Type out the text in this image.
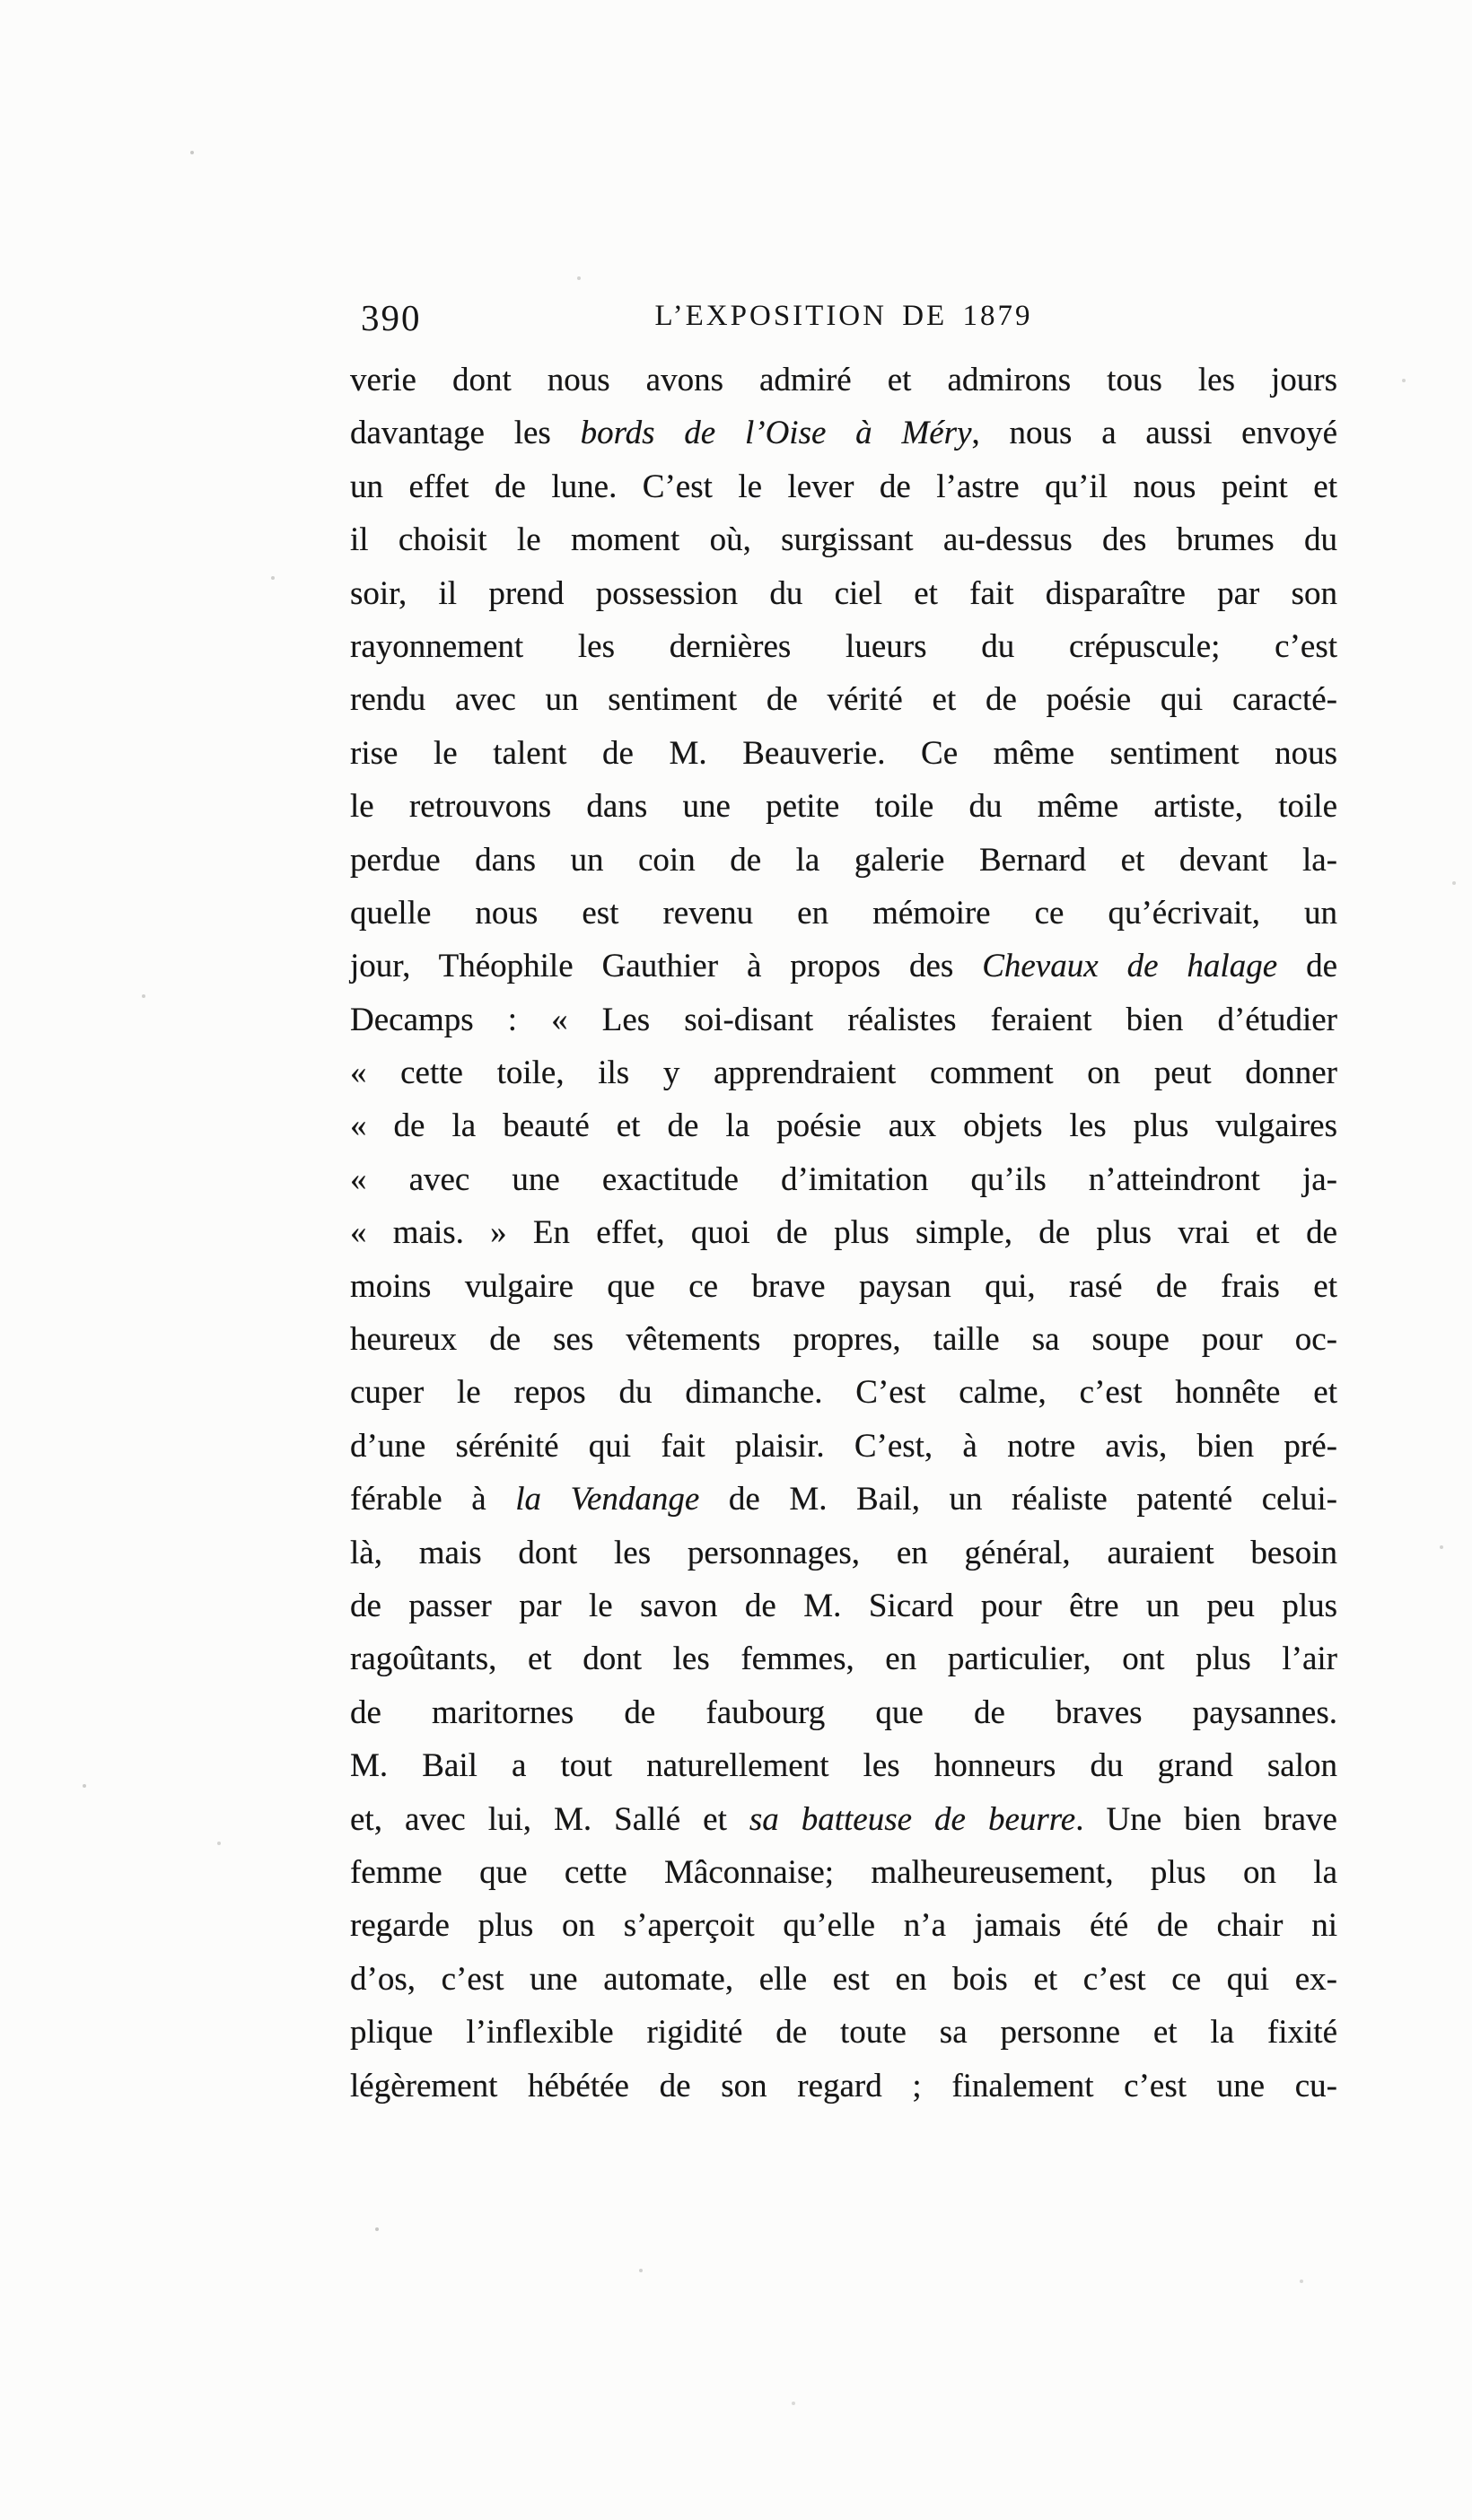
390	L’EXPOSITION DE 1879
verie dont nous avons admiré et admirons tous les jours
davantage les bords de l’Oise à Méry, nous a aussi envoyé
un effet de lune. C’est le lever de l’astre qu’il nous peint et
il choisit le moment où, surgissant au-dessus des brumes du
soir, il prend possession du ciel et fait disparaître par son
rayonnement les dernières lueurs du crépuscule; c’est
rendu avec un sentiment de vérité et de poésie qui caracté-
rise le talent de M. Beauverie. Ce même sentiment nous
le retrouvons dans une petite toile du même artiste, toile
perdue dans un coin de la galerie Bernard et devant la-
quelle nous est revenu en mémoire ce qu’écrivait, un
jour, Théophile Gauthier à propos des Chevaux de halage de
Decamps : « Les soi-disant réalistes feraient bien d’étudier
« cette toile, ils y apprendraient comment on peut donner
« de la beauté et de la poésie aux objets les plus vulgaires
« avec une exactitude d’imitation qu’ils n’atteindront ja-
« mais. » En effet, quoi de plus simple, de plus vrai et de
moins vulgaire que ce brave paysan qui, rasé de frais et
heureux de ses vêtements propres, taille sa soupe pour oc-
cuper le repos du dimanche. C’est calme, c’est honnête et
d’une sérénité qui fait plaisir. C’est, à notre avis, bien pré-
férable à la Vendange de M. Bail, un réaliste patenté celui-
là, mais dont les personnages, en général, auraient besoin
de passer par le savon de M. Sicard pour être un peu plus
ragoûtants, et dont les femmes, en particulier, ont plus l’air
de maritornes de faubourg que de braves paysannes.
M. Bail a tout naturellement les honneurs du grand salon
et, avec lui, M. Sallé et sa batteuse de beurre. Une bien brave
femme que cette Mâconnaise; malheureusement, plus on la
regarde plus on s’aperçoit qu’elle n’a jamais été de chair ni
d’os, c’est une automate, elle est en bois et c’est ce qui ex-
plique l’inflexible rigidité de toute sa personne et la fixité
légèrement hébétée de son regard ; finalement c’est une cu-
